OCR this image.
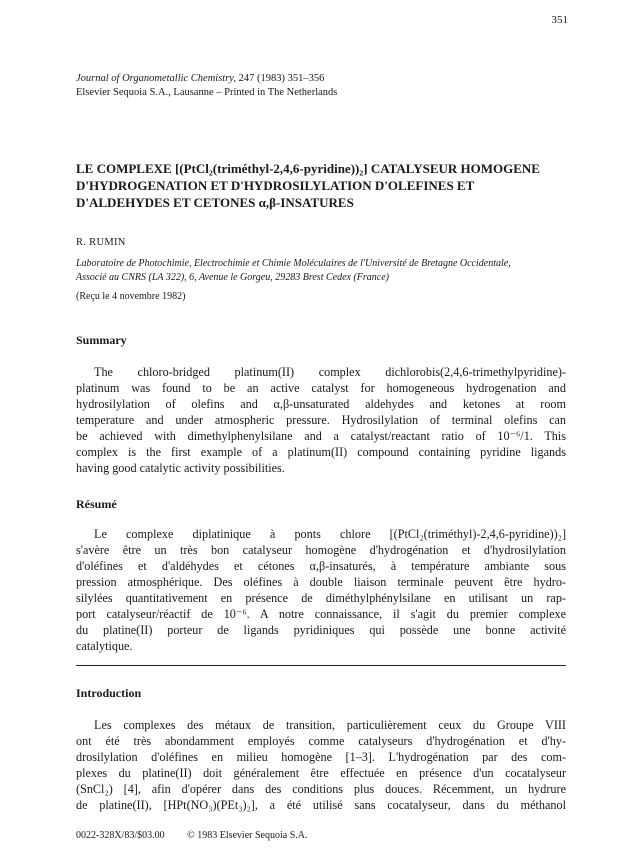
351
Journal of Organometallic Chemistry, 247 (1983) 351–356
Elsevier Sequoia S.A., Lausanne – Printed in The Netherlands
LE COMPLEXE [(PtCl₂(triméthyl-2,4,6-pyridine))₂] CATALYSEUR HOMOGENE
D'HYDROGENATION ET D'HYDROSILYLATION D'OLEFINES ET
D'ALDEHYDES ET CETONES α,β-INSATURES
R. RUMIN
Laboratoire de Photochimie, Electrochimie et Chimie Moléculaires de l'Université de Bretagne Occidentale,
Associé au CNRS (LA 322), 6, Avenue le Gorgeu, 29283 Brest Cedex (France)
(Reçu le 4 novembre 1982)
Summary
The chloro-bridged platinum(II) complex dichlorobis(2,4,6-trimethylpyridine)-
platinum was found to be an active catalyst for homogeneous hydrogenation and
hydrosilylation of olefins and α,β-unsaturated aldehydes and ketones at room
temperature and under atmospheric pressure. Hydrosilylation of terminal olefins can
be achieved with dimethylphenylsilane and a catalyst/reactant ratio of 10⁻⁶/1. This
complex is the first example of a platinum(II) compound containing pyridine ligands
having good catalytic activity possibilities.
Résumé
Le complexe diplatinique à ponts chlore [(PtCl₂(triméthyl)-2,4,6-pyridine))₂]
s'avère être un très bon catalyseur homogène d'hydrogénation et d'hydrosilylation
d'oléfines et d'aldéhydes et cétones α,β-insaturés, à température ambiante sous
pression atmosphérique. Des oléfines à double liaison terminale peuvent être hydro-
silylées quantitativement en présence de diméthylphénylsilane en utilisant un rap-
port catalyseur/réactif de 10⁻⁶. A notre connaissance, il s'agit du premier complexe
du platine(II) porteur de ligands pyridiniques qui possède une bonne activité
catalytique.
Introduction
Les complexes des métaux de transition, particulièrement ceux du Groupe VIII
ont été très abondamment employés comme catalyseurs d'hydrogénation et d'hy-
drosilylation d'oléfines en milieu homogène [1–3]. L'hydrogénation par des com-
plexes du platine(II) doit généralement être effectuée en présence d'un cocatalyseur
(SnCl₂) [4], afin d'opérer dans des conditions plus douces. Récemment, un hydrure
de platine(II), [HPt(NO₃)(PEt₃)₂], a été utilisé sans cocatalyseur, dans du méthanol
0022-328X/83/$03.00 © 1983 Elsevier Sequoia S.A.
